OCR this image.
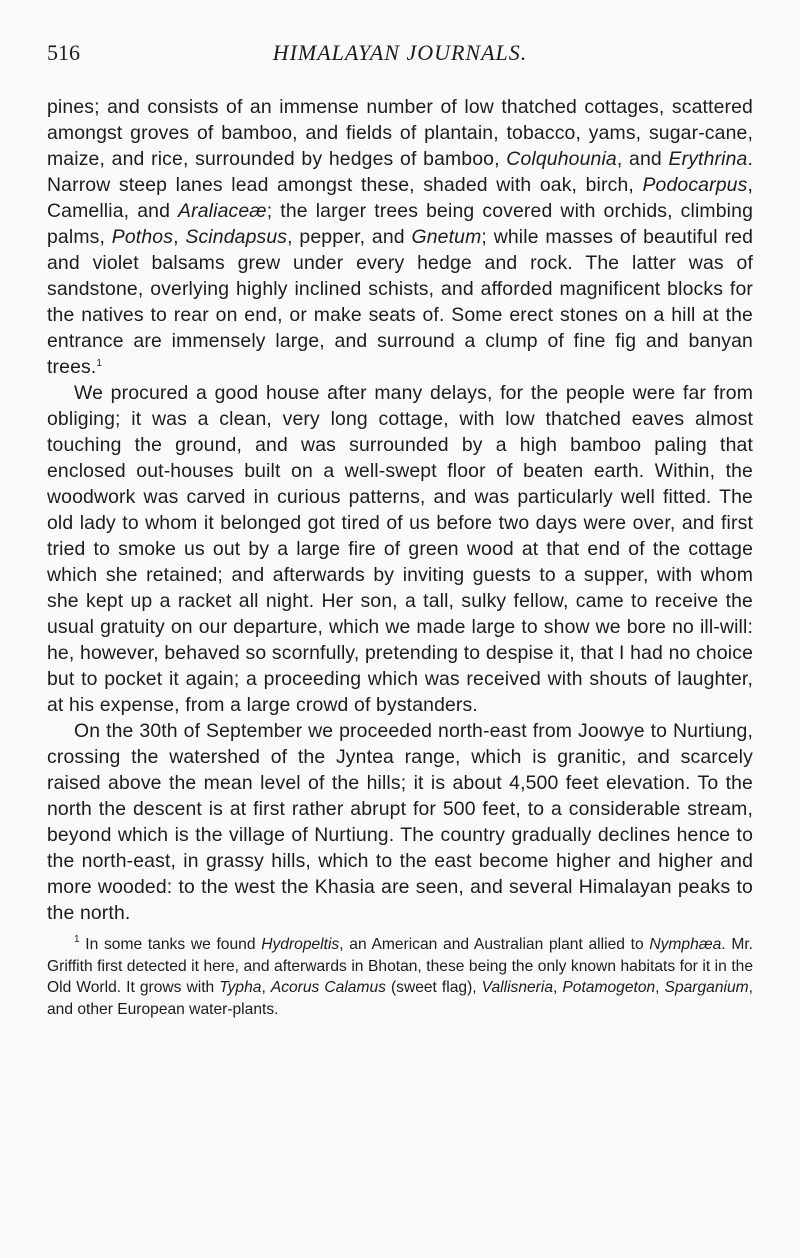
516	HIMALAYAN JOURNALS.

pines; and consists of an immense number of low thatched cottages, scattered amongst groves of bamboo, and fields of plantain, tobacco, yams, sugar-cane, maize, and rice, surrounded by hedges of bamboo, Colquhounia, and Erythrina. Narrow steep lanes lead amongst these, shaded with oak, birch, Podocarpus, Camellia, and Araliaceæ; the larger trees being covered with orchids, climbing palms, Pothos, Scindapsus, pepper, and Gnetum; while masses of beautiful red and violet balsams grew under every hedge and rock. The latter was of sandstone, overlying highly inclined schists, and afforded magnificent blocks for the natives to rear on end, or make seats of. Some erect stones on a hill at the entrance are immensely large, and surround a clump of fine fig and banyan trees.$^1$

We procured a good house after many delays, for the people were far from obliging; it was a clean, very long cottage, with low thatched eaves almost touching the ground, and was surrounded by a high bamboo paling that enclosed out-houses built on a well-swept floor of beaten earth. Within, the woodwork was carved in curious patterns, and was particularly well fitted. The old lady to whom it belonged got tired of us before two days were over, and first tried to smoke us out by a large fire of green wood at that end of the cottage which she retained; and afterwards by inviting guests to a supper, with whom she kept up a racket all night. Her son, a tall, sulky fellow, came to receive the usual gratuity on our departure, which we made large to show we bore no ill-will: he, however, behaved so scornfully, pretending to despise it, that I had no choice but to pocket it again; a proceeding which was received with shouts of laughter, at his expense, from a large crowd of bystanders.

On the 30th of September we proceeded north-east from Joowye to Nurtiung, crossing the watershed of the Jyntea range, which is granitic, and scarcely raised above the mean level of the hills; it is about 4,500 feet elevation. To the north the descent is at first rather abrupt for 500 feet, to a considerable stream, beyond which is the village of Nurtiung. The country gradually declines hence to the north-east, in grassy hills, which to the east become higher and higher and more wooded: to the west the Khasia are seen, and several Himalayan peaks to the north.

$^1$ In some tanks we found Hydropeltis, an American and Australian plant allied to Nymphæa. Mr. Griffith first detected it here, and afterwards in Bhotan, these being the only known habitats for it in the Old World. It grows with Typha, Acorus Calamus (sweet flag), Vallisneria, Potamogeton, Sparganium, and other European water-plants.
